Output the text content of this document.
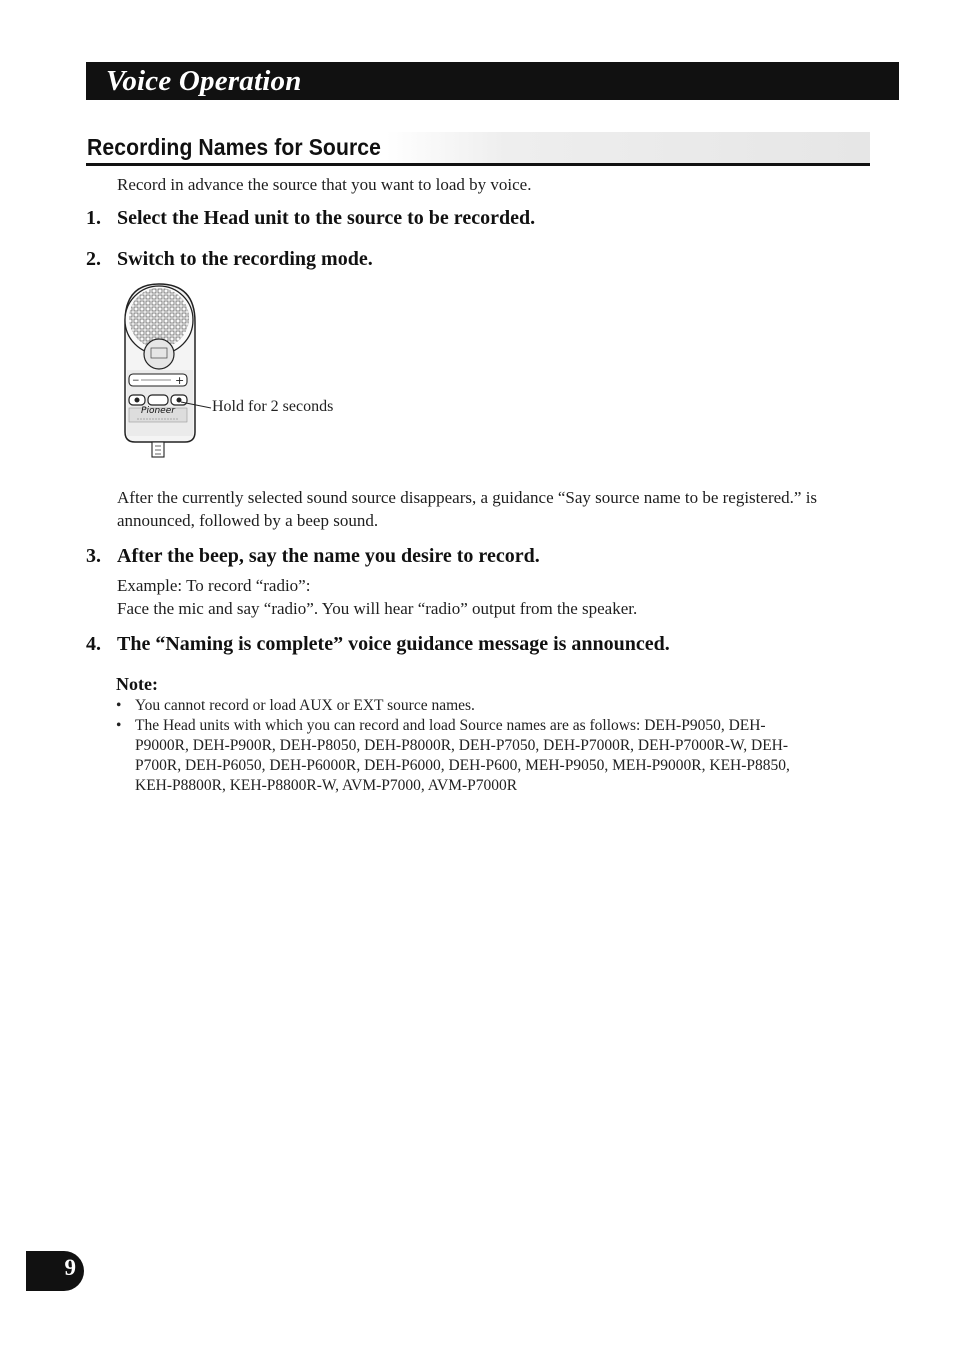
Voice Operation
Recording Names for Source

Record in advance the source that you want to load by voice.

1. Select the Head unit to the source to be recorded.
2. Switch to the recording mode.
−	+
Pioneer Hold for 2 seconds

After the currently selected sound source disappears, a guidance “Say source name to be registered.” is announced, followed by a beep sound.

3. After the beep, say the name you desire to record.

Example: To record “radio”:

Face the mic and say “radio”. You will hear “radio” output from the speaker.

4. The “Naming is complete” voice guidance message is announced.
Note:
• You cannot record or load AUX or EXT source names.
• The Head units with which you can record and load Source names are as follows: DEH-P9050, DEH-P9000R, DEH-P900R, DEH-P8050, DEH-P8000R, DEH-P7050, DEH-P7000R, DEH-P7000R-W, DEH-P700R, DEH-P6050, DEH-P6000R, DEH-P6000, DEH-P600, MEH-P9050, MEH-P9000R, KEH-P8850, KEH-P8800R, KEH-P8800R-W, AVM-P7000, AVM-P7000R
9
